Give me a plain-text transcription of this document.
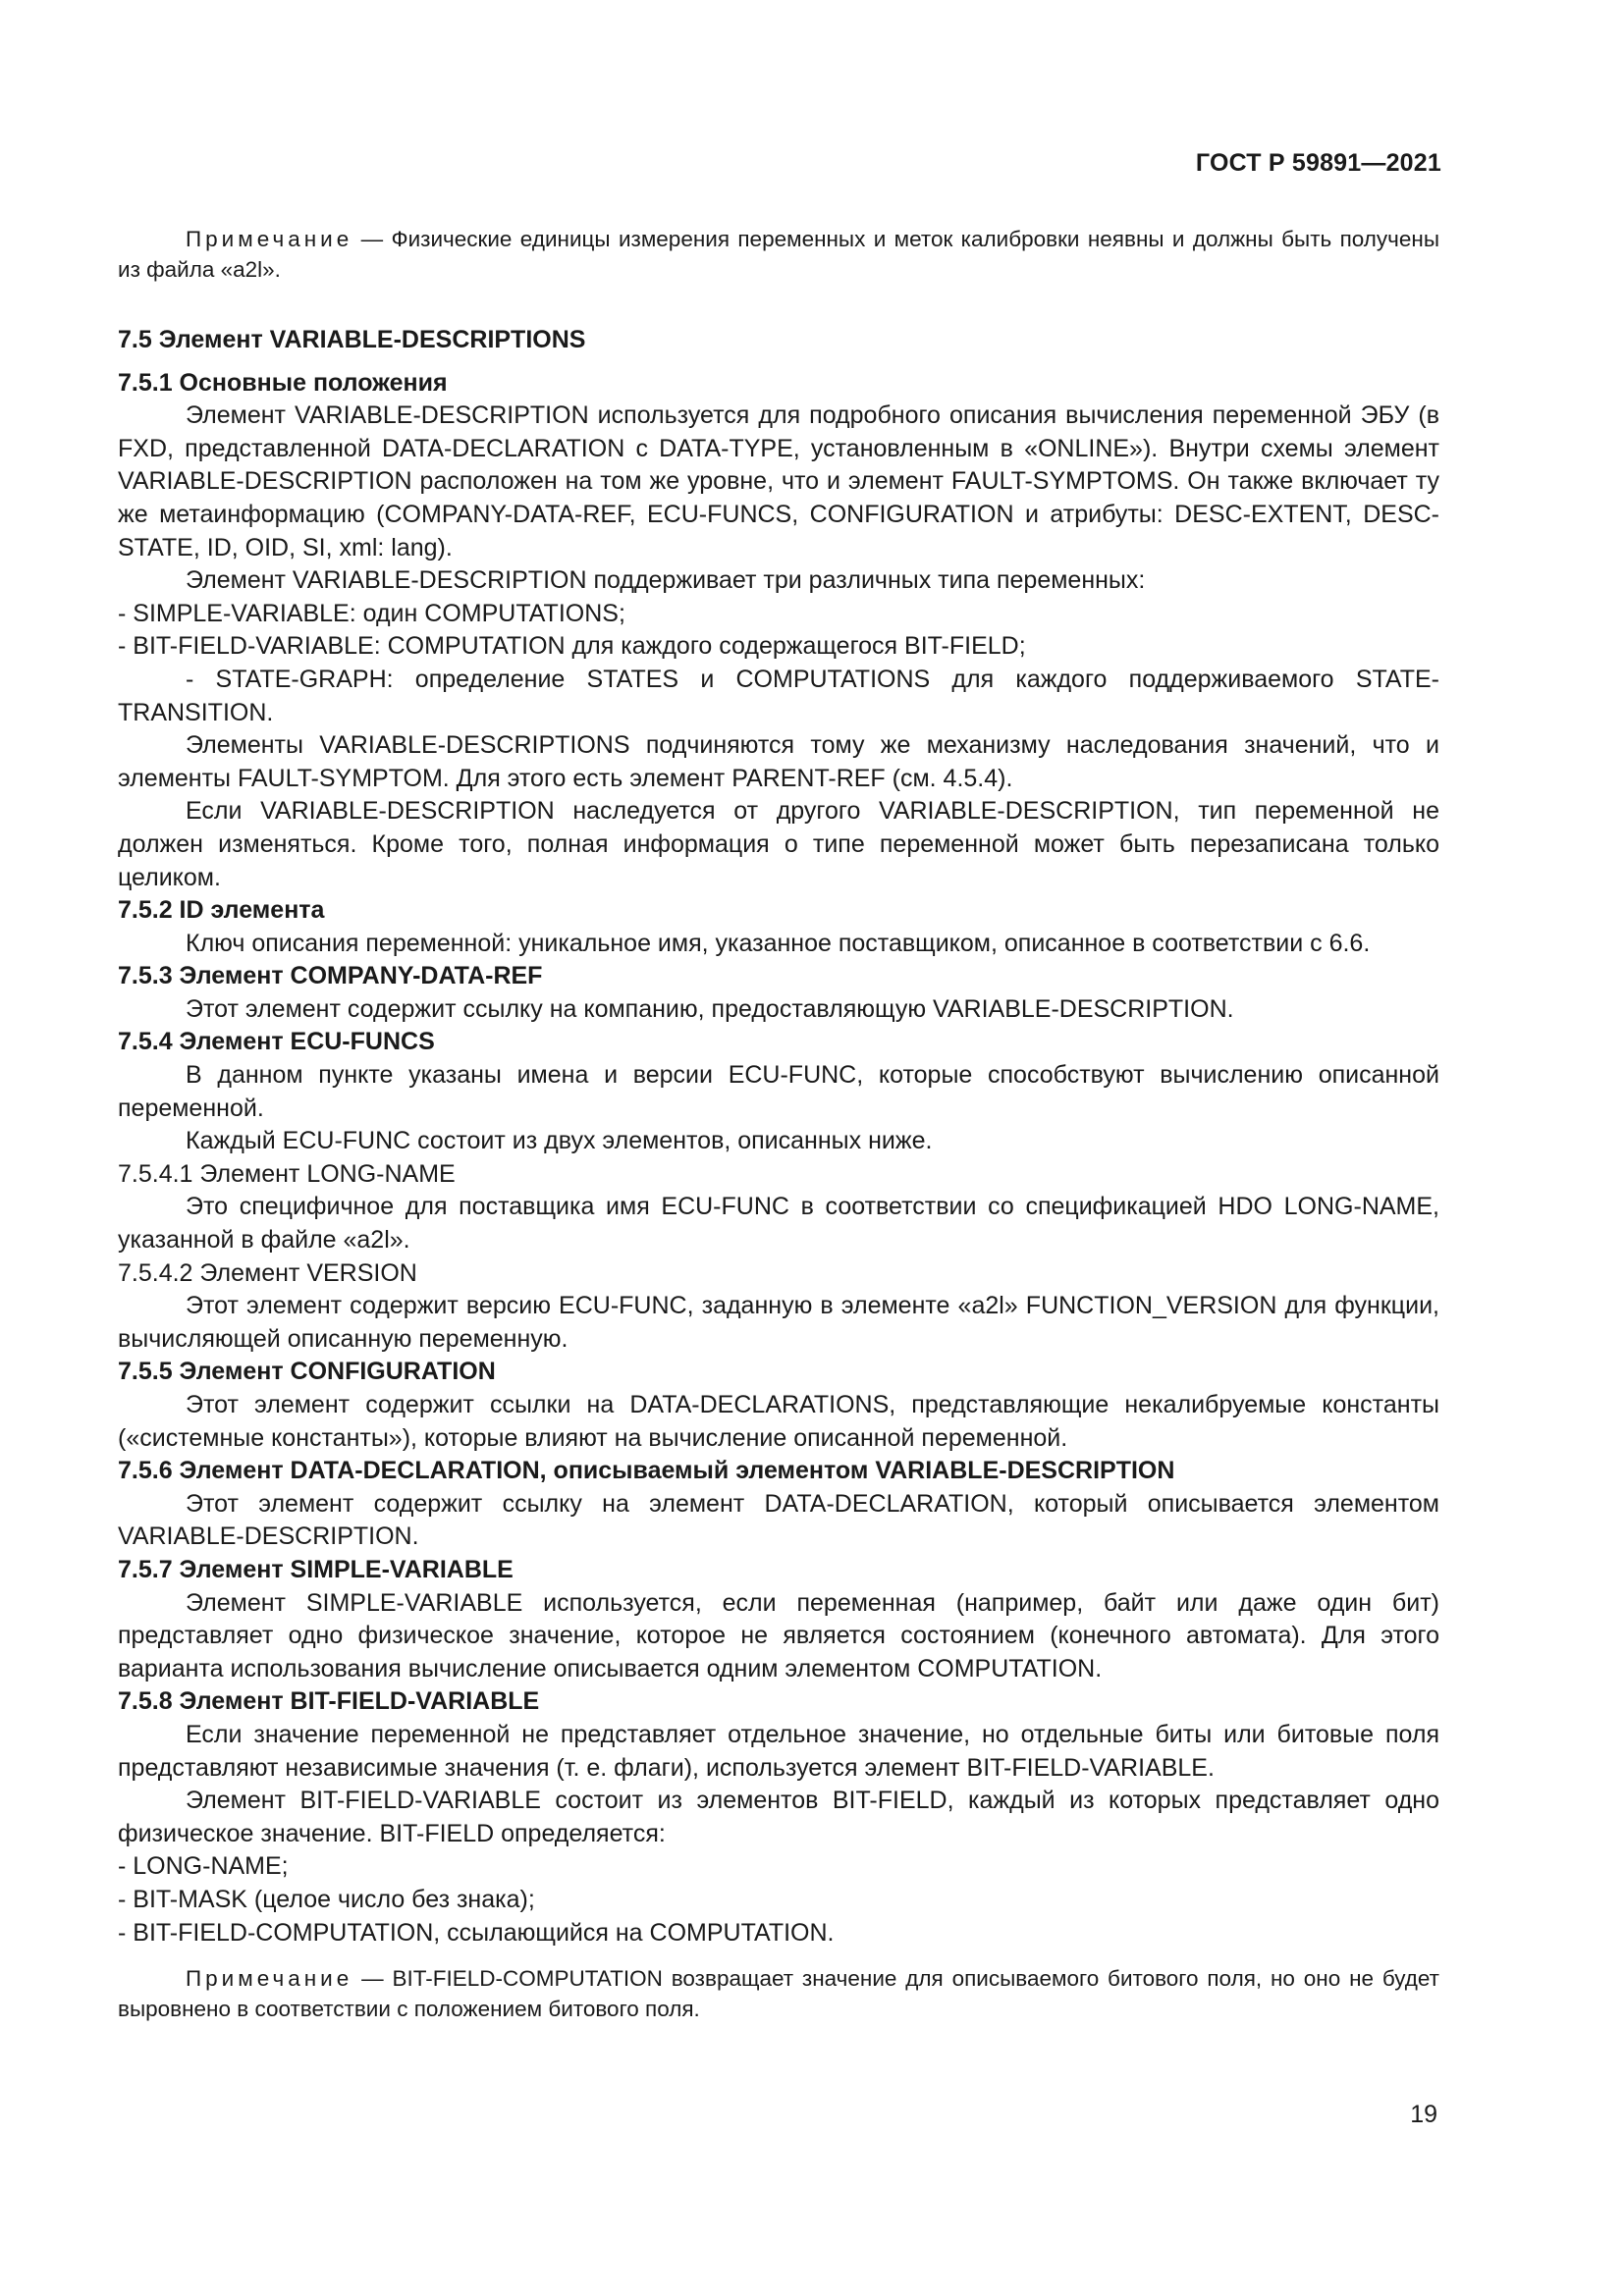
ГОСТ Р 59891—2021

Примечание — Физические единицы измерения переменных и меток калибровки неявны и должны быть получены из файла «a2l».

7.5 Элемент VARIABLE-DESCRIPTIONS

7.5.1 Основные положения

Элемент VARIABLE-DESCRIPTION используется для подробного описания вычисления переменной ЭБУ (в FXD, представленной DATA-DECLARATION с DATA-TYPE, установленным в «ONLINE»). Внутри схемы элемент VARIABLE-DESCRIPTION расположен на том же уровне, что и элемент FAULT-SYMPTOMS. Он также включает ту же метаинформацию (COMPANY-DATA-REF, ECU-FUNCS, CONFIGURATION и атрибуты: DESC-EXTENT, DESC-STATE, ID, OID, SI, xml: lang).

Элемент VARIABLE-DESCRIPTION поддерживает три различных типа переменных:

- SIMPLE-VARIABLE: один COMPUTATIONS;

- BIT-FIELD-VARIABLE: COMPUTATION для каждого содержащегося BIT-FIELD;

- STATE-GRAPH: определение STATES и COMPUTATIONS для каждого поддерживаемого STATE-TRANSITION.

Элементы VARIABLE-DESCRIPTIONS подчиняются тому же механизму наследования значений, что и элементы FAULT-SYMPTOM. Для этого есть элемент PARENT-REF (см. 4.5.4).

Если VARIABLE-DESCRIPTION наследуется от другого VARIABLE-DESCRIPTION, тип переменной не должен изменяться. Кроме того, полная информация о типе переменной может быть перезаписана только целиком.

7.5.2 ID элемента

Ключ описания переменной: уникальное имя, указанное поставщиком, описанное в соответствии с 6.6.

7.5.3 Элемент COMPANY-DATA-REF

Этот элемент содержит ссылку на компанию, предоставляющую VARIABLE-DESCRIPTION.

7.5.4 Элемент ECU-FUNCS

В данном пункте указаны имена и версии ECU-FUNC, которые способствуют вычислению описанной переменной.

Каждый ECU-FUNC состоит из двух элементов, описанных ниже.

7.5.4.1 Элемент LONG-NAME

Это специфичное для поставщика имя ECU-FUNC в соответствии со спецификацией HDO LONG-NAME, указанной в файле «a2l».

7.5.4.2 Элемент VERSION

Этот элемент содержит версию ECU-FUNC, заданную в элементе «a2l» FUNCTION_VERSION для функции, вычисляющей описанную переменную.

7.5.5 Элемент CONFIGURATION

Этот элемент содержит ссылки на DATA-DECLARATIONS, представляющие некалибруемые константы («системные константы»), которые влияют на вычисление описанной переменной.

7.5.6 Элемент DATA-DECLARATION, описываемый элементом VARIABLE-DESCRIPTION

Этот элемент содержит ссылку на элемент DATA-DECLARATION, который описывается элементом VARIABLE-DESCRIPTION.

7.5.7 Элемент SIMPLE-VARIABLE

Элемент SIMPLE-VARIABLE используется, если переменная (например, байт или даже один бит) представляет одно физическое значение, которое не является состоянием (конечного автомата). Для этого варианта использования вычисление описывается одним элементом COMPUTATION.

7.5.8 Элемент BIT-FIELD-VARIABLE

Если значение переменной не представляет отдельное значение, но отдельные биты или битовые поля представляют независимые значения (т. е. флаги), используется элемент BIT-FIELD-VARIABLE.

Элемент BIT-FIELD-VARIABLE состоит из элементов BIT-FIELD, каждый из которых представляет одно физическое значение. BIT-FIELD определяется:

- LONG-NAME;

- BIT-MASK (целое число без знака);

- BIT-FIELD-COMPUTATION, ссылающийся на COMPUTATION.

Примечание — BIT-FIELD-COMPUTATION возвращает значение для описываемого битового поля, но оно не будет выровнено в соответствии с положением битового поля.

19
